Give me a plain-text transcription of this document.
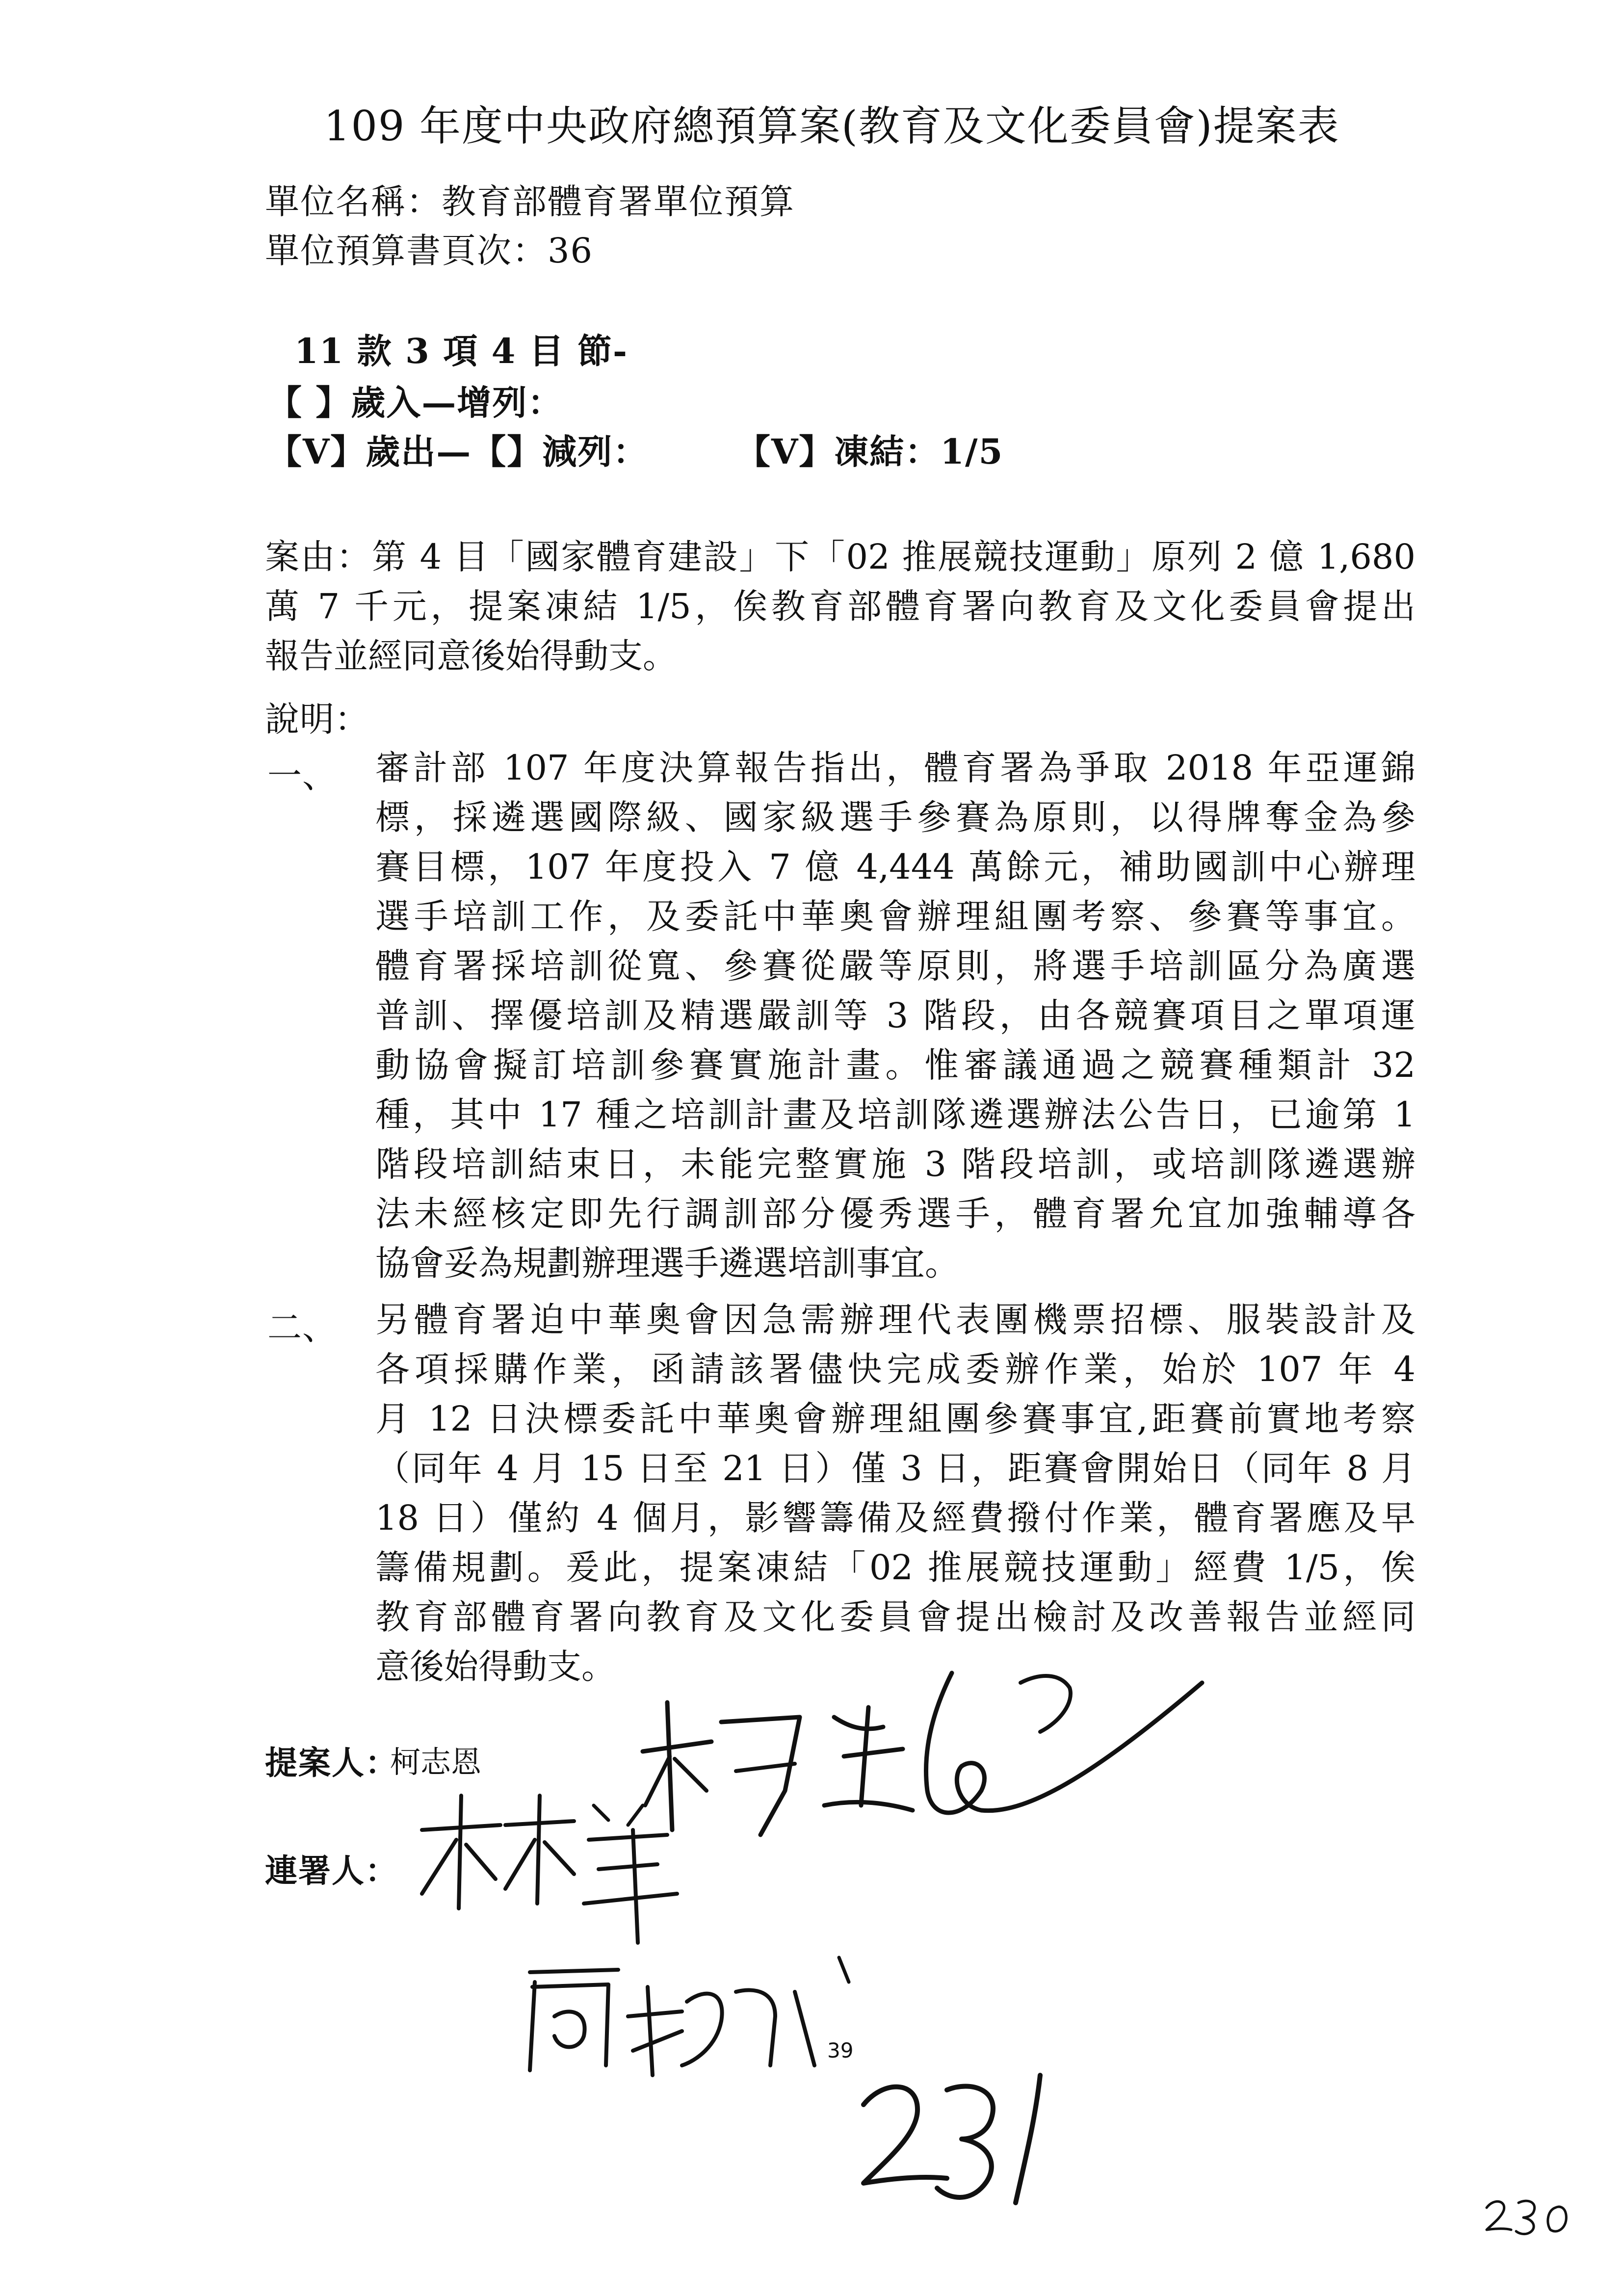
109 年度中央政府總預算案(教育及文化委員會)提案表
單位名稱：教育部體育署單位預算
單位預算書頁次：36
11 款 3 項 4 目 節-
【 】歲入—增列：
【V】歲出—【】減列：	【V】凍結：1/5
案由：第 4 目「國家體育建設」下「02 推展競技運動」原列 2 億 1,680
萬 7 千元，提案凍結 1/5，俟教育部體育署向教育及文化委員會提出
報告並經同意後始得動支。
說明：
一、 審計部 107 年度決算報告指出，體育署為爭取 2018 年亞運錦
標，採遴選國際級、國家級選手參賽為原則，以得牌奪金為參
賽目標，107 年度投入 7 億 4,444 萬餘元，補助國訓中心辦理
選手培訓工作，及委託中華奧會辦理組團考察、參賽等事宜。
體育署採培訓從寬、參賽從嚴等原則，將選手培訓區分為廣選
普訓、擇優培訓及精選嚴訓等 3 階段，由各競賽項目之單項運
動協會擬訂培訓參賽實施計畫。惟審議通過之競賽種類計 32
種，其中 17 種之培訓計畫及培訓隊遴選辦法公告日，已逾第 1
階段培訓結束日，未能完整實施 3 階段培訓，或培訓隊遴選辦
法未經核定即先行調訓部分優秀選手，體育署允宜加強輔導各
協會妥為規劃辦理選手遴選培訓事宜。
二、 另體育署迫中華奧會因急需辦理代表團機票招標、服裝設計及
各項採購作業，函請該署儘快完成委辦作業，始於 107 年 4
月 12 日決標委託中華奧會辦理組團參賽事宜,距賽前實地考察
（同年 4 月 15 日至 21 日）僅 3 日，距賽會開始日（同年 8 月
18 日）僅約 4 個月，影響籌備及經費撥付作業，體育署應及早
籌備規劃。爰此，提案凍結「02 推展競技運動」經費 1/5，俟
教育部體育署向教育及文化委員會提出檢討及改善報告並經同
意後始得動支。
提案人：
柯志恩
連署人：
39
